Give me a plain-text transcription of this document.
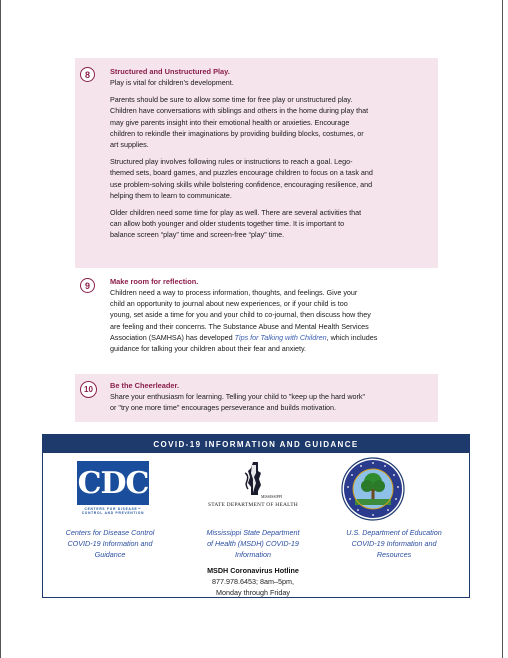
8	Structured and Unstructured Play.

Play is vital for children’s development.

Parents should be sure to allow some time for free play or unstructured play.

Children have conversations with siblings and others in the home during play that

may give parents insight into their emotional health or anxieties. Encourage

children to rekindle their imaginations by providing building blocks, costumes, or

art supplies.

Structured play involves following rules or instructions to reach a goal. Lego-

themed sets, board games, and puzzles encourage children to focus on a task and

use problem-solving skills while bolstering confidence, encouraging resilience, and

helping them to learn to communicate.

Older children need some time for play as well. There are several activities that

can allow both younger and older students together time. It is important to

balance screen “play” time and screen-free “play” time.

9	Make room for reflection.

Children need a way to process information, thoughts, and feelings. Give your

child an opportunity to journal about new experiences, or if your child is too

young, set aside a time for you and your child to co-journal, then discuss how they

are feeling and their concerns. The Substance Abuse and Mental Health Services

Association (SAMHSA) has developed Tips for Talking with Children, which includes

guidance for talking your children about their fear and anxiety.

10	Be the Cheerleader.

Share your enthusiasm for learning. Telling your child to "keep up the hard work"

or "try one more time" encourages perseverance and builds motivation.

COVID-19 INFORMATION AND GUIDANCE
CDC
CENTERS FOR DISEASE™
CONTROL AND PREVENTION
MISSISSIPPI
STATE DEPARTMENT OF HEALTH

Centers for Disease Control

COVID-19 Information and

Guidance

Mississippi State Department

of Health (MSDH) COVID-19

Information

MSDH Coronavirus Hotline

877.978.6453; 8am–5pm,

Monday through Friday

U.S. Department of Education

COVID-19 Information and

Resources
